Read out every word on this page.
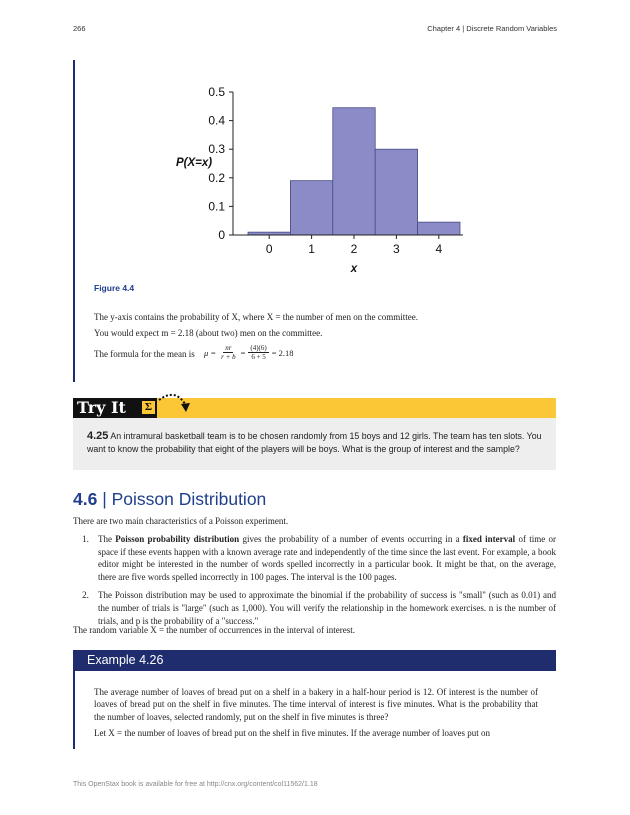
266	Chapter 4 | Discrete Random Variables
0
0.1
0.2
0.3
0.4
0.5
0	1	2	3	4
P(X=x)
x
Figure 4.4
The y-axis contains the probability of X, where X = the number of men on the committee.
You would expect m = 2.18 (about two) men on the committee.
The formula for the mean is $\mu = \frac{nr}{r + b} = \frac{(4)(6)}{6 + 5} = 2.18$
Try It Σ
4.25 An intramural basketball team is to be chosen randomly from 15 boys and 12 girls. The team has ten slots. You want to know the probability that eight of the players will be boys. What is the group of interest and the sample?
4.6 | Poisson Distribution
There are two main characteristics of a Poisson experiment.
1.	The Poisson probability distribution gives the probability of a number of events occurring in a fixed interval of time or space if these events happen with a known average rate and independently of the time since the last event. For example, a book editor might be interested in the number of words spelled incorrectly in a particular book. It might be that, on the average, there are five words spelled incorrectly in 100 pages. The interval is the 100 pages.
2.	The Poisson distribution may be used to approximate the binomial if the probability of success is "small" (such as 0.01) and the number of trials is "large" (such as 1,000). You will verify the relationship in the homework exercises. n is the number of trials, and p is the probability of a "success."
The random variable X = the number of occurrences in the interval of interest.
Example 4.26
The average number of loaves of bread put on a shelf in a bakery in a half-hour period is 12. Of interest is the number of loaves of bread put on the shelf in five minutes. The time interval of interest is five minutes. What is the probability that the number of loaves, selected randomly, put on the shelf in five minutes is three?
Let X = the number of loaves of bread put on the shelf in five minutes. If the average number of loaves put on
This OpenStax book is available for free at http://cnx.org/content/col11562/1.18
